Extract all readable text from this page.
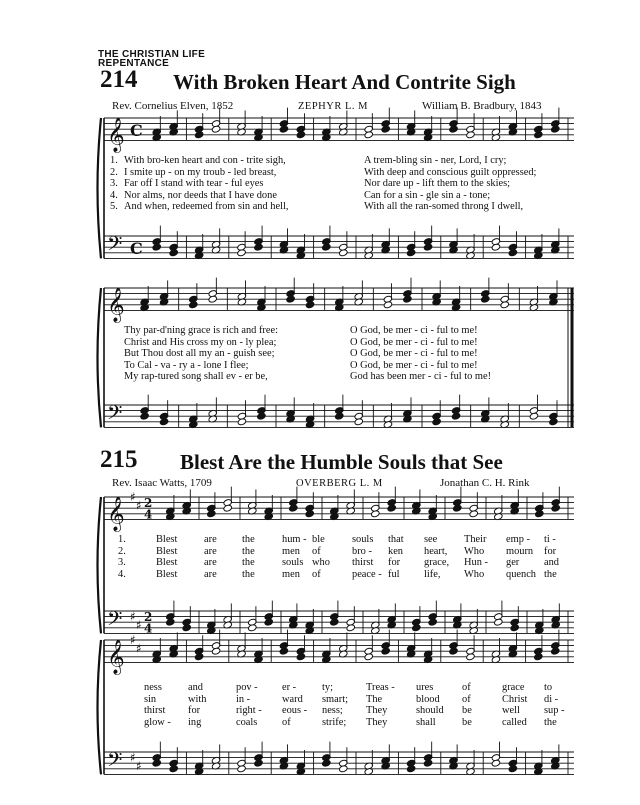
THE CHRISTIAN LIFE
REPENTANCE
214 With Broken Heart And Contrite Sigh
Rev. Cornelius Elven, 1852	ZEPHYR L. M	William B. Bradbury, 1843
𝄞
𝄢
C
C
1. With bro-ken heart and con - trite sigh,	A trem-bling sin - ner, Lord, I cry;
2. I smite up - on my troub - led breast,	With deep and conscious guilt oppressed;
3. Far off I stand with tear - ful eyes	Nor dare up - lift them to the skies;
4. Nor alms, nor deeds that I have done	Can for a sin - gle sin a - tone;
5. And when, redeemed from sin and hell,	With all the ran-somed throng I dwell,
𝄞
𝄢
Thy par-d'ning grace is rich and free:	O God, be mer - ci - ful to me!
Christ and His cross my on - ly plea;	O God, be mer - ci - ful to me!
But Thou dost all my an - guish see;	O God, be mer - ci - ful to me!
To Cal - va - ry a - lone I flee;	O God, be mer - ci - ful to me!
My rap-tured song shall ev - er be,	God has been mer - ci - ful to me!
215 Blest Are the Humble Souls that See
Rev. Isaac Watts, 1709	OVERBERG L. M	Jonathan C. H. Rink
𝄞
𝄢
♯
♯
♯
♯
2
4
2
4
1.	Blest	are the	hum - ble	souls that see	Their emp - ti -
2.	Blest	are the	men of	bro - ken heart, Who mourn for
3.	Blest	are the	souls who thirst for grace, Hun - ger and
4.	Blest	are the	men of	peace - ful life, Who quench the
𝄞
𝄢
♯
♯
♯
♯
ness	and	pov - er - ty;	Treas - ures	of	grace to
sin	with	in -	ward smart; The	blood of	Christ di -
thirst for	right - eous - ness; They	should be	well sup -
glow - ing	coals of	strife; They	shall	be	called the
